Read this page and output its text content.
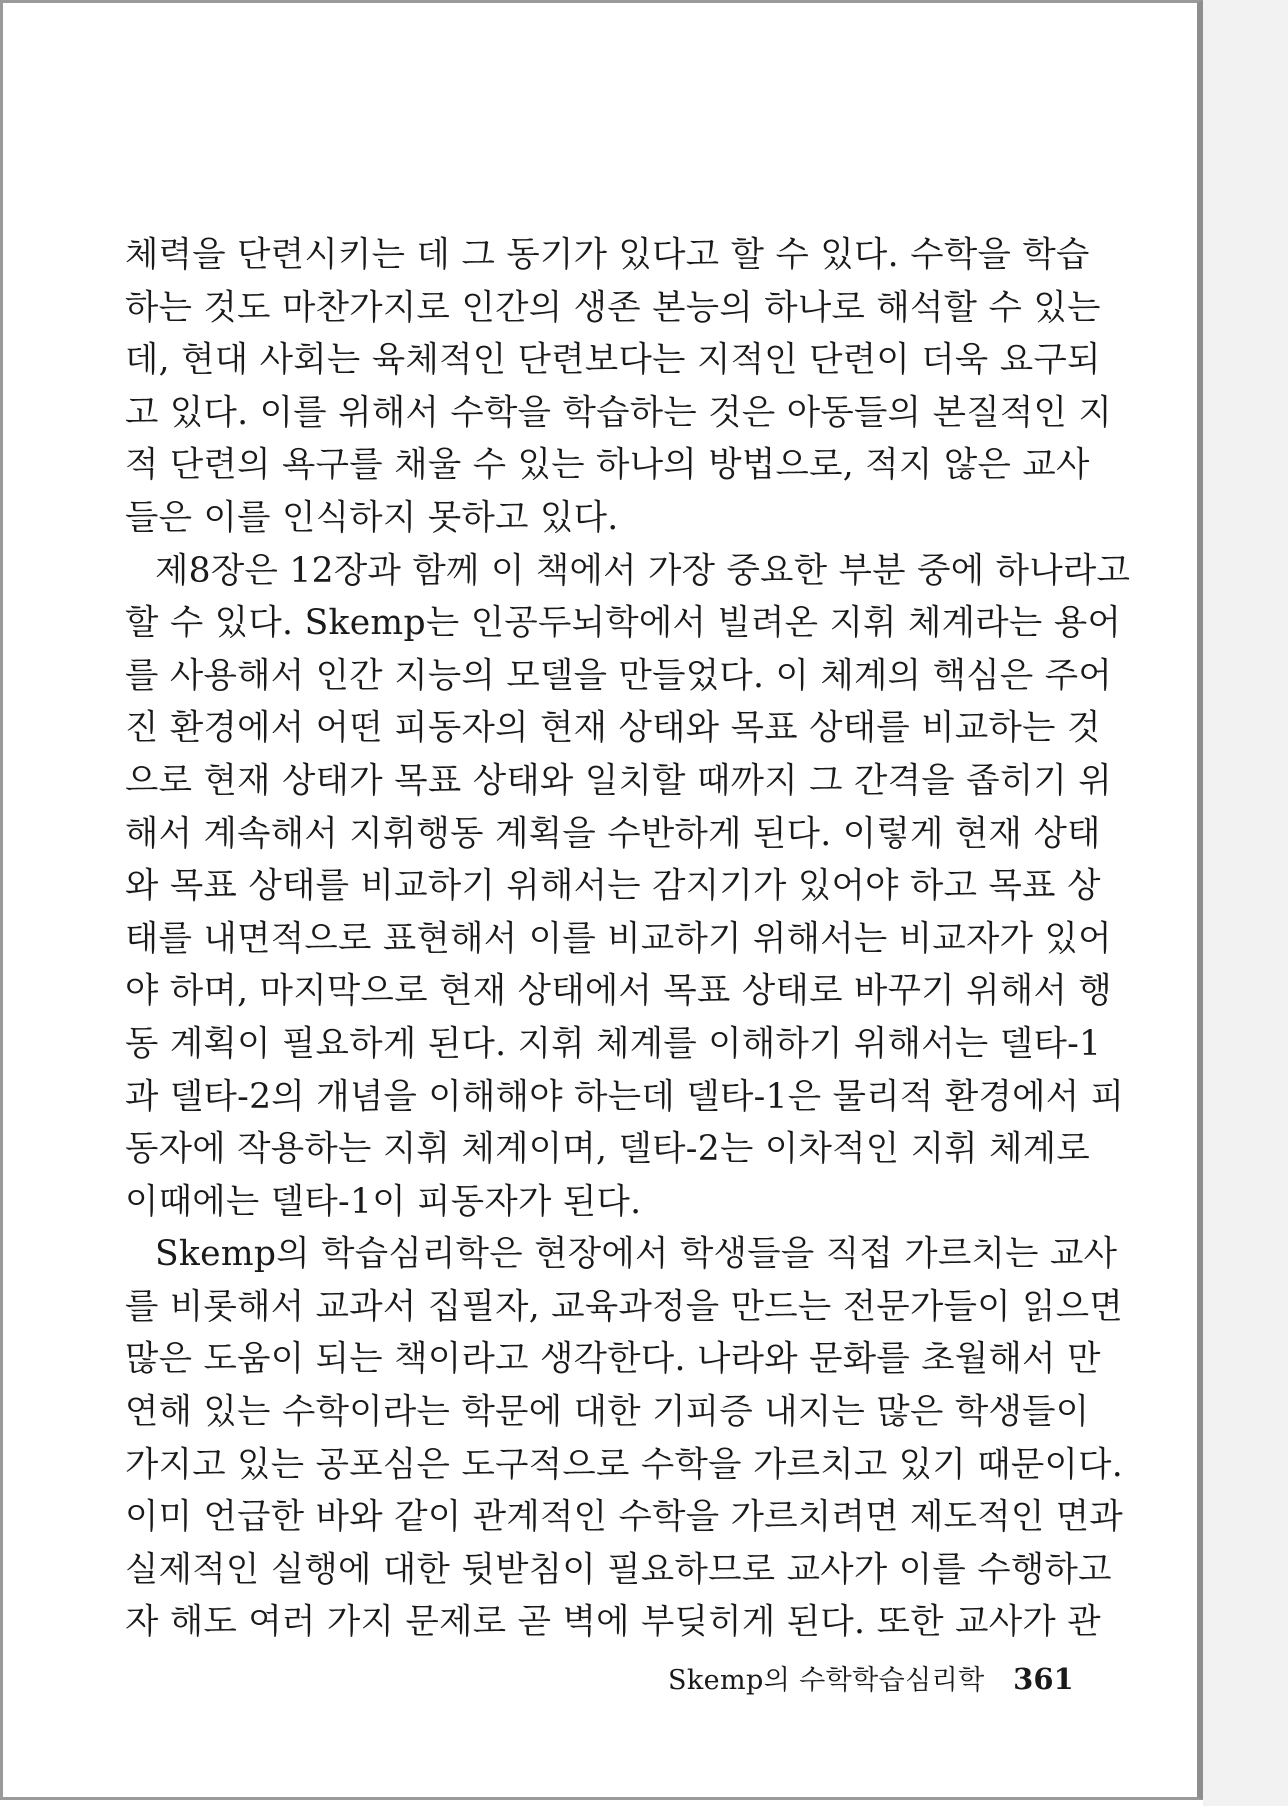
체력을 단련시키는 데 그 동기가 있다고 할 수 있다. 수학을 학습
하는 것도 마찬가지로 인간의 생존 본능의 하나로 해석할 수 있는
데, 현대 사회는 육체적인 단련보다는 지적인 단련이 더욱 요구되
고 있다. 이를 위해서 수학을 학습하는 것은 아동들의 본질적인 지
적 단련의 욕구를 채울 수 있는 하나의 방법으로, 적지 않은 교사
들은 이를 인식하지 못하고 있다.
제8장은 12장과 함께 이 책에서 가장 중요한 부분 중에 하나라고
할 수 있다. Skemp는 인공두뇌학에서 빌려온 지휘 체계라는 용어
를 사용해서 인간 지능의 모델을 만들었다. 이 체계의 핵심은 주어
진 환경에서 어떤 피동자의 현재 상태와 목표 상태를 비교하는 것
으로 현재 상태가 목표 상태와 일치할 때까지 그 간격을 좁히기 위
해서 계속해서 지휘행동 계획을 수반하게 된다. 이렇게 현재 상태
와 목표 상태를 비교하기 위해서는 감지기가 있어야 하고 목표 상
태를 내면적으로 표현해서 이를 비교하기 위해서는 비교자가 있어
야 하며, 마지막으로 현재 상태에서 목표 상태로 바꾸기 위해서 행
동 계획이 필요하게 된다. 지휘 체계를 이해하기 위해서는 델타-1
과 델타-2의 개념을 이해해야 하는데 델타-1은 물리적 환경에서 피
동자에 작용하는 지휘 체계이며, 델타-2는 이차적인 지휘 체계로
이때에는 델타-1이 피동자가 된다.
Skemp의 학습심리학은 현장에서 학생들을 직접 가르치는 교사
를 비롯해서 교과서 집필자, 교육과정을 만드는 전문가들이 읽으면
많은 도움이 되는 책이라고 생각한다. 나라와 문화를 초월해서 만
연해 있는 수학이라는 학문에 대한 기피증 내지는 많은 학생들이
가지고 있는 공포심은 도구적으로 수학을 가르치고 있기 때문이다.
이미 언급한 바와 같이 관계적인 수학을 가르치려면 제도적인 면과
실제적인 실행에 대한 뒷받침이 필요하므로 교사가 이를 수행하고
자 해도 여러 가지 문제로 곧 벽에 부딪히게 된다. 또한 교사가 관
Skemp의 수학학습심리학 361
